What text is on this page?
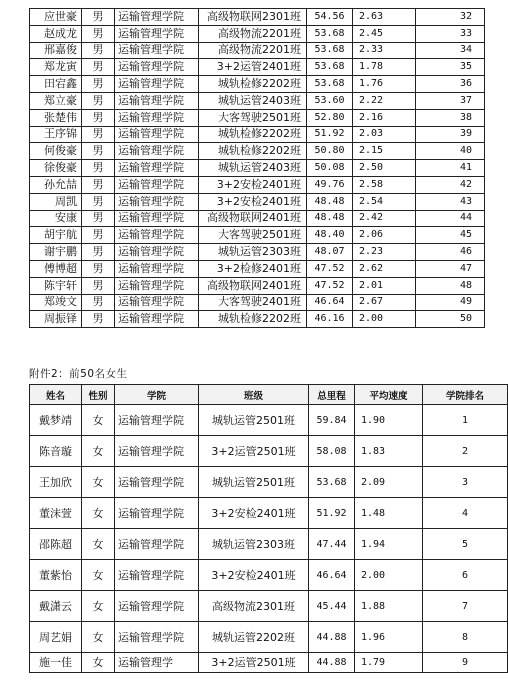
应世豪	男	运输管理学院	高级物联网2301班	54.56	2.63	32
赵成龙	男	运输管理学院	高级物流2201班	53.68	2.45	33
邢嘉俊	男	运输管理学院	高级物流2201班	53.68	2.33	34
郑龙寅	男	运输管理学院	3+2运管2401班	53.68	1.78	35
田宕鑫	男	运输管理学院	城轨检修2202班	53.68	1.76	36
郑立豪	男	运输管理学院	城轨运管2403班	53.60	2.22	37
张楚伟	男	运输管理学院	大客驾驶2501班	52.80	2.16	38
王序锦	男	运输管理学院	城轨检修2202班	51.92	2.03	39
何俊豪	男	运输管理学院	城轨检修2202班	50.80	2.15	40
徐俊豪	男	运输管理学院	城轨运管2403班	50.08	2.50	41
孙允喆	男	运输管理学院	3+2安检2401班	49.76	2.58	42
周凯	男	运输管理学院	3+2安检2401班	48.48	2.54	43
安康	男	运输管理学院	高级物联网2401班	48.48	2.42	44
胡宇航	男	运输管理学院	大客驾驶2501班	48.40	2.06	45
谢宇鹏	男	运输管理学院	城轨运管2303班	48.07	2.23	46
傅博超	男	运输管理学院	3+2检修2401班	47.52	2.62	47
陈宇轩	男	运输管理学院	高级物联网2401班	47.52	2.01	48
郑竣文	男	运输管理学院	大客驾驶2401班	46.64	2.67	49
周振铎	男	运输管理学院	城轨检修2202班	46.16	2.00	50
附件2：前50名女生
姓名	性别	学院	班级	总里程	平均速度	学院排名
戴梦靖	女	运输管理学院	城轨运管2501班	59.84	1.90	1
陈音璇	女	运输管理学院	3+2运管2501班	58.08	1.83	2
王加欣	女	运输管理学院	城轨运管2501班	53.68	2.09	3
董沫萱	女	运输管理学院	3+2安检2401班	51.92	1.48	4
邵陈超	女	运输管理学院	城轨运管2303班	47.44	1.94	5
董紫怡	女	运输管理学院	3+2安检2401班	46.64	2.00	6
戴潇云	女	运输管理学院	高级物流2301班	45.44	1.88	7
周艺娟	女	运输管理学院	城轨运管2202班	44.88	1.96	8
施一佳	女	运输管理学	3+2运管2501班	44.88	1.79	9
